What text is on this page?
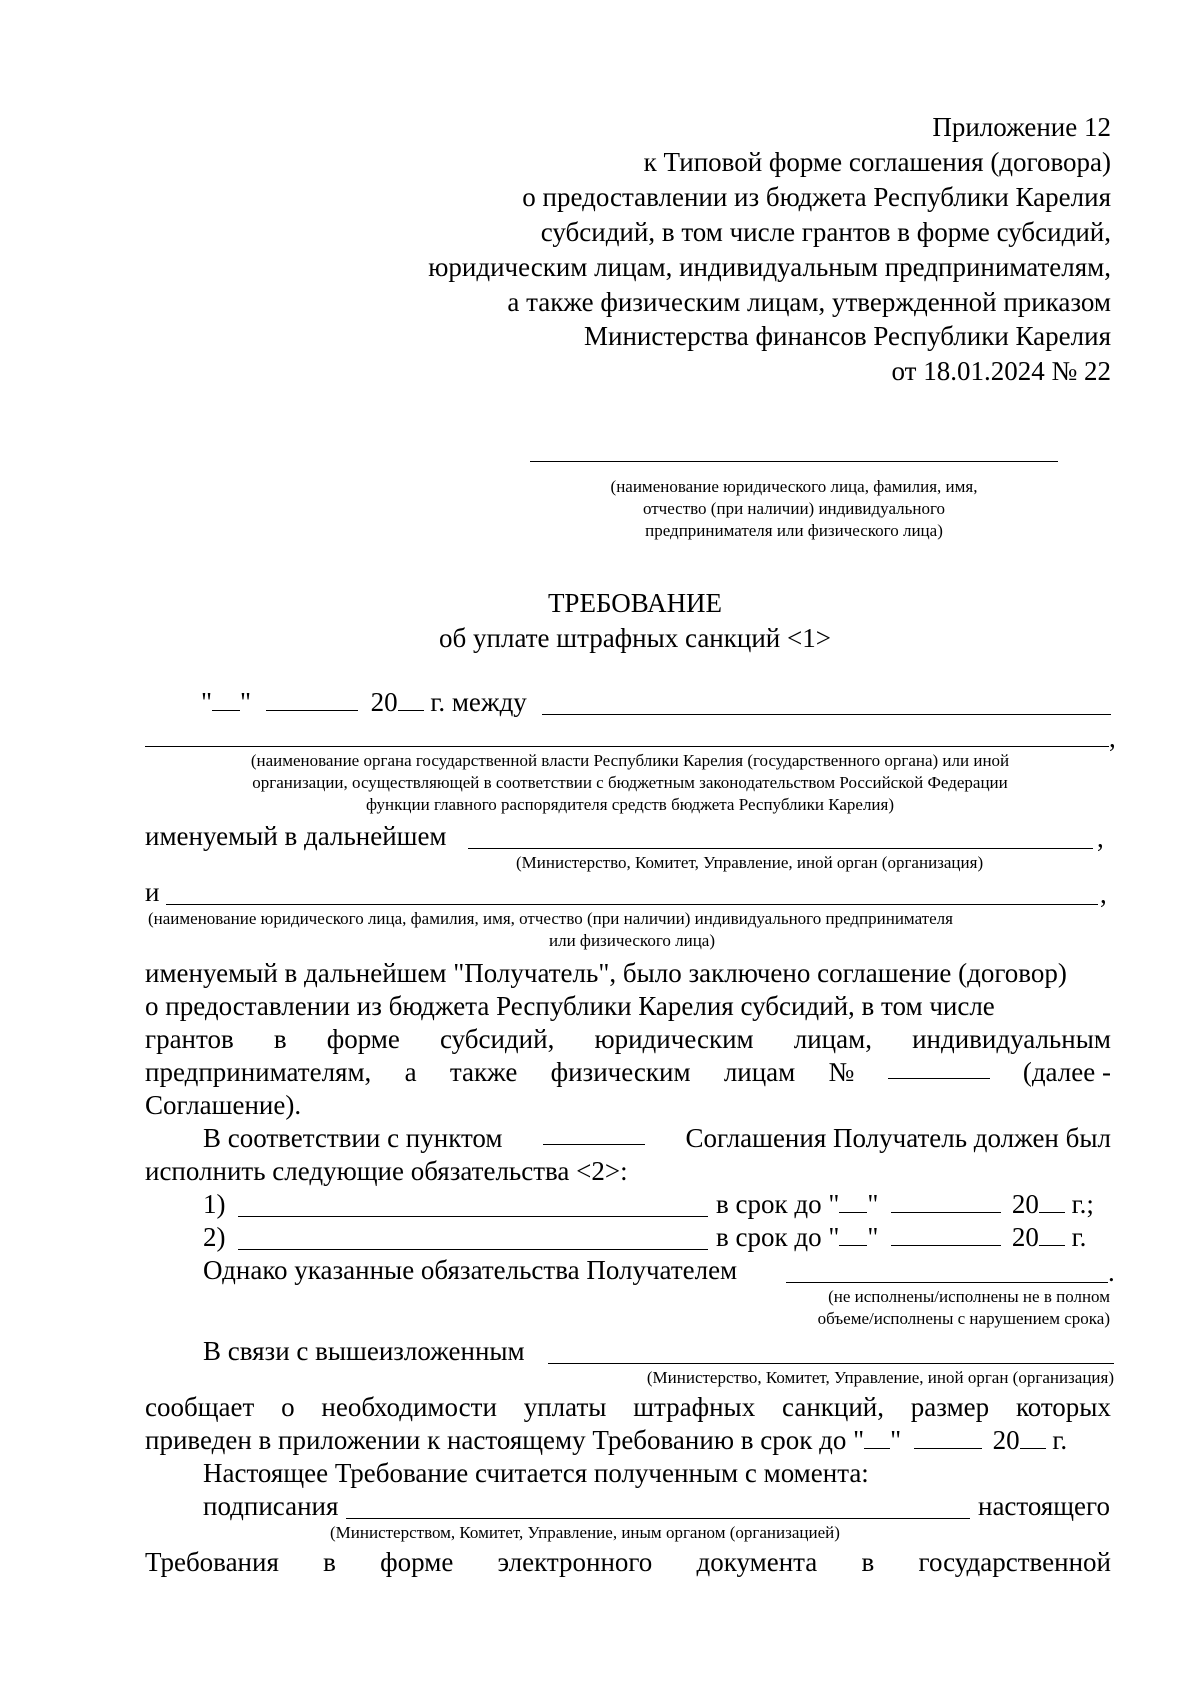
Приложение 12
к Типовой форме соглашения (договора)
о предоставлении из бюджета Республики Карелия
субсидий, в том числе грантов в форме субсидий,
юридическим лицам, индивидуальным предпринимателям,
а также физическим лицам, утвержденной приказом
Министерства финансов Республики Карелия
от 18.01.2024 № 22
(наименование юридического лица, фамилия, имя,
отчество (при наличии) индивидуального
предпринимателя или физического лица)
ТРЕБОВАНИЕ
об уплате штрафных санкций <1>
" "	20 г. между
,
(наименование органа государственной власти Республики Карелия (государственного органа) или иной
организации, осуществляющей в соответствии с бюджетным законодательством Российской Федерации
функции главного распорядителя средств бюджета Республики Карелия)
именуемый в дальнейшем	,
(Министерство, Комитет, Управление, иной орган (организация)
и	,
(наименование юридического лица, фамилия, имя, отчество (при наличии) индивидуального предпринимателя
или физического лица)
именуемый в дальнейшем "Получатель", было заключено соглашение (договор)
о предоставлении из бюджета Республики Карелия субсидий, в том числе
грантов в форме субсидий, юридическим лицам, индивидуальным
предпринимателям, а также физическим лицам №	(далее -
Соглашение).
В соответствии с пунктом	Соглашения Получатель должен был
исполнить следующие обязательства <2>:
1)	в срок до " "	20 г.;
2)	в срок до " "	20 г.
Однако указанные обязательства Получателем	.
(не исполнены/исполнены не в полном
объеме/исполнены с нарушением срока)
В связи с вышеизложенным
(Министерство, Комитет, Управление, иной орган (организация)
сообщает о необходимости уплаты штрафных санкций, размер которых
приведен в приложении к настоящему Требованию в срок до " "	20 г.
Настоящее Требование считается полученным с момента:
подписания	настоящего
(Министерством, Комитет, Управление, иным органом (организацией)
Требования в форме электронного документа в государственной
